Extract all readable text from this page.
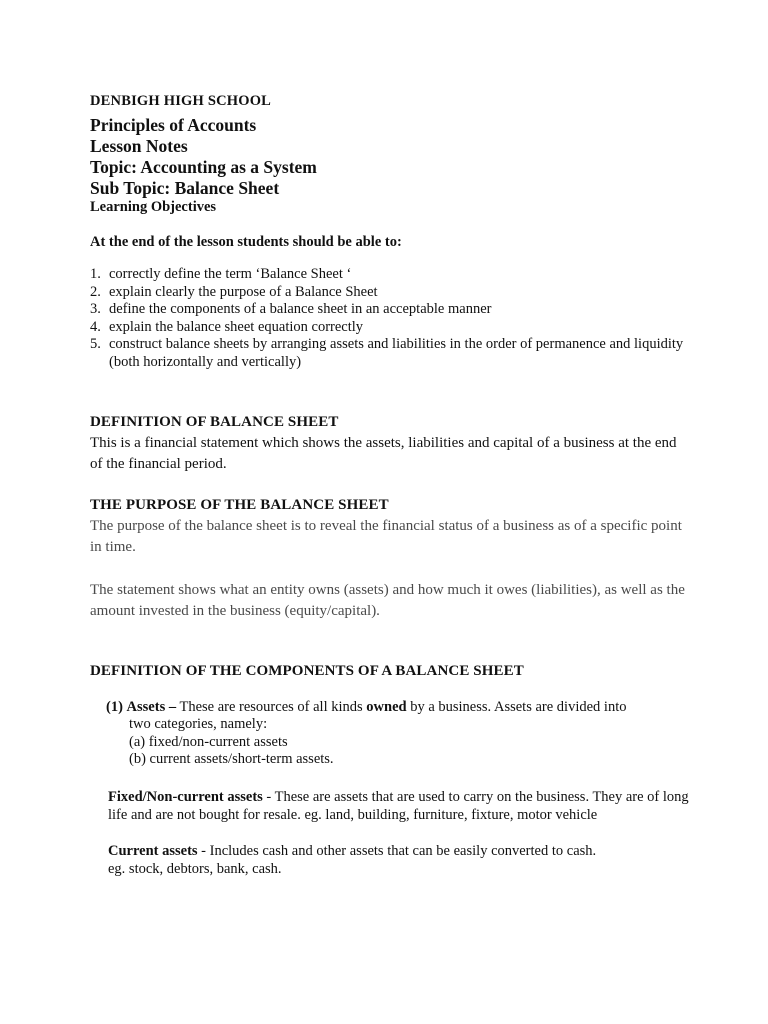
DENBIGH HIGH SCHOOL
Principles of Accounts
Lesson Notes
Topic: Accounting as a System
Sub Topic: Balance Sheet
Learning Objectives
At the end of the lesson students should be able to:
1. correctly define the term ‘Balance Sheet ‘
2. explain clearly the purpose of a Balance Sheet
3. define the components of a balance sheet in an acceptable manner
4. explain the balance sheet equation correctly
5. construct balance sheets by arranging assets and liabilities in the order of permanence and liquidity (both horizontally and vertically)
DEFINITION OF BALANCE SHEET
This is a financial statement which shows the assets, liabilities and capital of a business at the end of the financial period.
THE PURPOSE OF THE BALANCE SHEET
The purpose of the balance sheet is to reveal the financial status of a business as of a specific point in time.
The statement shows what an entity owns (assets) and how much it owes (liabilities), as well as the amount invested in the business (equity/capital).
DEFINITION OF THE COMPONENTS OF A BALANCE SHEET
(1) Assets – These are resources of all kinds owned by a business. Assets are divided into
two categories, namely:
(a) fixed/non-current assets
(b) current assets/short-term assets.
Fixed/Non-current assets - These are assets that are used to carry on the business. They are of long life and are not bought for resale. eg. land, building, furniture, fixture, motor vehicle
Current assets - Includes cash and other assets that can be easily converted to cash.
eg. stock, debtors, bank, cash.
